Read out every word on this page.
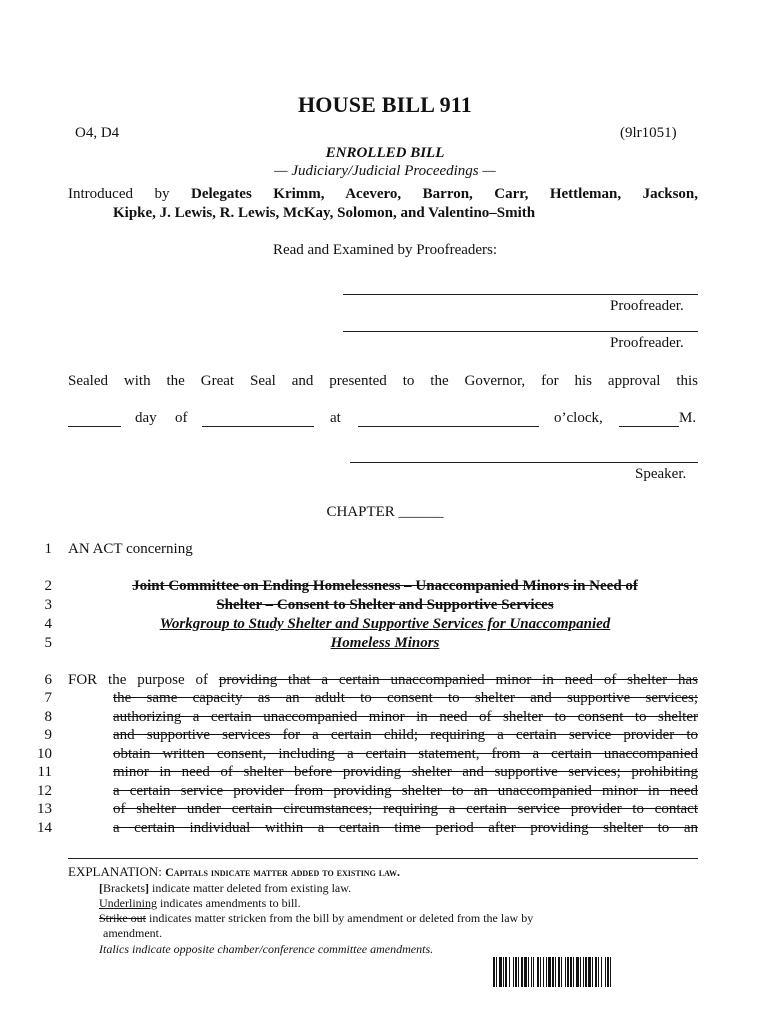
HOUSE BILL 911
O4, D4	(9lr1051)
ENROLLED BILL
— Judiciary/Judicial Proceedings —
Introduced by Delegates Krimm, Acevero, Barron, Carr, Hettleman, Jackson,
Kipke, J. Lewis, R. Lewis, McKay, Solomon, and Valentino–Smith
Read and Examined by Proofreaders:
Proofreader.
Proofreader.
Sealed with the Great Seal and presented to the Governor, for his approval this
day of	at	o’clock,	M.
Speaker.
CHAPTER ______
1
2
3
4
5
6
7
8
9
10
11
12
13
14
AN ACT concerning
Joint Committee on Ending Homelessness – Unaccompanied Minors in Need of
Shelter – Consent to Shelter and Supportive Services
Workgroup to Study Shelter and Supportive Services for Unaccompanied
Homeless Minors
FOR the purpose of providing that a certain unaccompanied minor in need of shelter has
the same capacity as an adult to consent to shelter and supportive services;
authorizing a certain unaccompanied minor in need of shelter to consent to shelter
and supportive services for a certain child; requiring a certain service provider to
obtain written consent, including a certain statement, from a certain unaccompanied
minor in need of shelter before providing shelter and supportive services; prohibiting
a certain service provider from providing shelter to an unaccompanied minor in need
of shelter under certain circumstances; requiring a certain service provider to contact
a certain individual within a certain time period after providing shelter to an
EXPLANATION: Capitals indicate matter added to existing law.
[Brackets] indicate matter deleted from existing law.
Underlining indicates amendments to bill.
Strike out indicates matter stricken from the bill by amendment or deleted from the law by
amendment.
Italics indicate opposite chamber/conference committee amendments.
